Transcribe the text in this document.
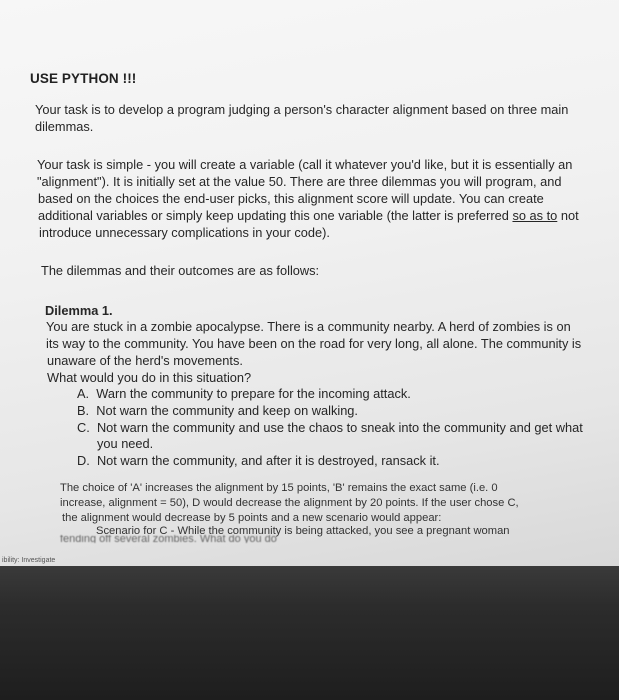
USE PYTHON !!!

Your task is to develop a program judging a person's character alignment based on three main dilemmas.

Your task is simple - you will create a variable (call it whatever you'd like, but it is essentially an

"alignment"). It is initially set at the value 50. There are three dilemmas you will program, and

based on the choices the end-user picks, this alignment score will update. You can create

additional variables or simply keep updating this one variable (the latter is preferred so as to not

introduce unnecessary complications in your code).

The dilemmas and their outcomes are as follows:

Dilemma 1.

You are stuck in a zombie apocalypse. There is a community nearby. A herd of zombies is on

its way to the community. You have been on the road for very long, all alone. The community is

unaware of the herd's movements.

What would you do in this situation?

A. Warn the community to prepare for the incoming attack.

B. Not warn the community and keep on walking.

C. Not warn the community and use the chaos to sneak into the community and get what

you need.

D. Not warn the community, and after it is destroyed, ransack it.

The choice of 'A' increases the alignment by 15 points, 'B' remains the exact same (i.e. 0

increase, alignment = 50), D would decrease the alignment by 20 points. If the user chose C,

the alignment would decrease by 5 points and a new scenario would appear:

Scenario for C - While the community is being attacked, you see a pregnant woman

fending off several zombies. What do you do
ibility: Investigate
